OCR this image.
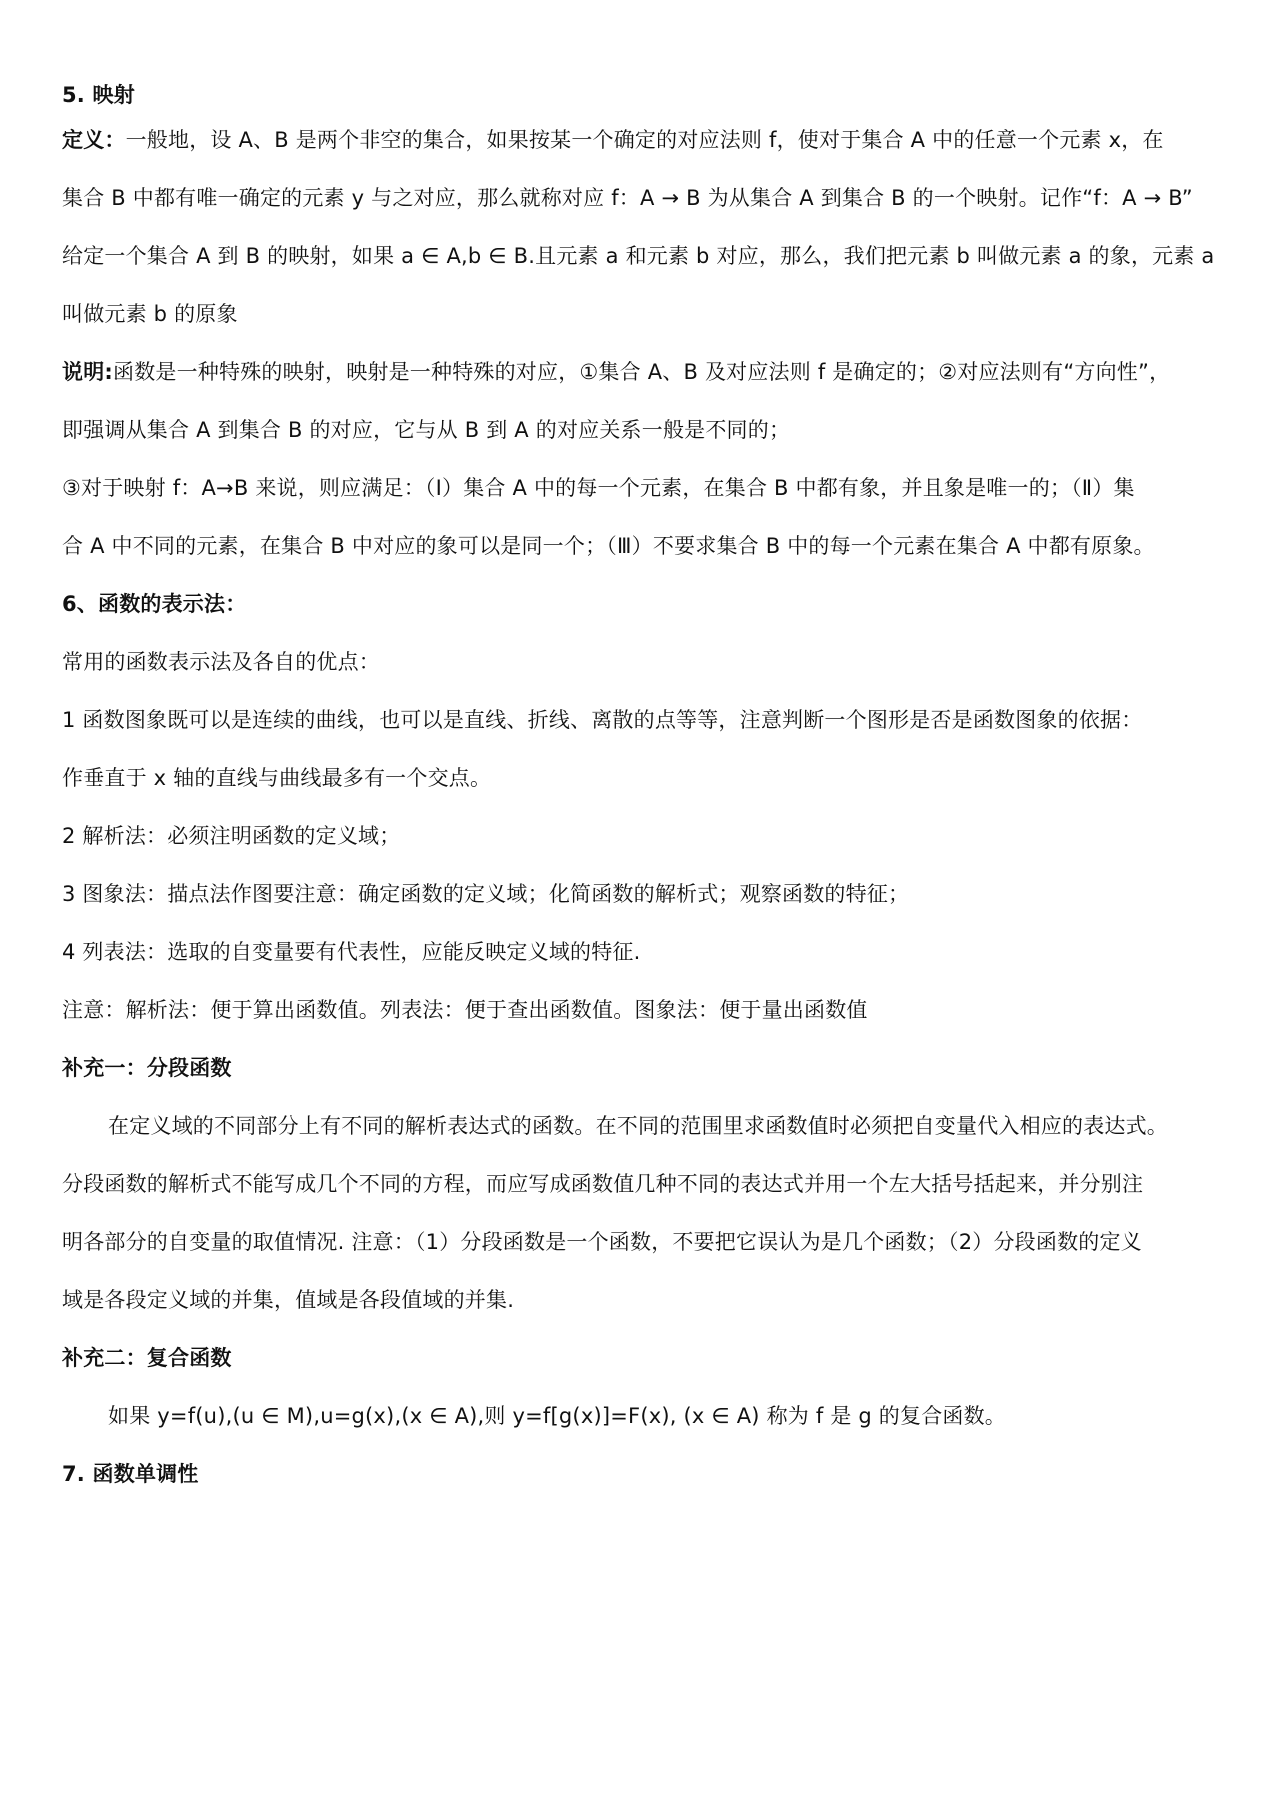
5. 映射
定义：一般地，设 A、B 是两个非空的集合，如果按某一个确定的对应法则 f，使对于集合 A 中的任意一个元素 x，在
集合 B 中都有唯一确定的元素 y 与之对应，那么就称对应 f：A → B 为从集合 A 到集合 B 的一个映射。记作“f：A → B”
给定一个集合 A 到 B 的映射，如果 a ∈ A,b ∈ B.且元素 a 和元素 b 对应，那么，我们把元素 b 叫做元素 a 的象，元素 a
叫做元素 b 的原象
说明:函数是一种特殊的映射，映射是一种特殊的对应，①集合 A、B 及对应法则 f 是确定的；②对应法则有“方向性”，
即强调从集合 A 到集合 B 的对应，它与从 B 到 A 的对应关系一般是不同的；
③对于映射 f：A→B 来说，则应满足：（Ⅰ）集合 A 中的每一个元素，在集合 B 中都有象，并且象是唯一的；（Ⅱ）集
合 A 中不同的元素，在集合 B 中对应的象可以是同一个；（Ⅲ）不要求集合 B 中的每一个元素在集合 A 中都有原象。
6、函数的表示法：
常用的函数表示法及各自的优点：
1 函数图象既可以是连续的曲线，也可以是直线、折线、离散的点等等，注意判断一个图形是否是函数图象的依据：
作垂直于 x 轴的直线与曲线最多有一个交点。
2 解析法：必须注明函数的定义域；
3 图象法：描点法作图要注意：确定函数的定义域；化简函数的解析式；观察函数的特征；
4 列表法：选取的自变量要有代表性，应能反映定义域的特征.
注意：解析法：便于算出函数值。列表法：便于查出函数值。图象法：便于量出函数值
补充一：分段函数
在定义域的不同部分上有不同的解析表达式的函数。在不同的范围里求函数值时必须把自变量代入相应的表达式。
分段函数的解析式不能写成几个不同的方程，而应写成函数值几种不同的表达式并用一个左大括号括起来，并分别注
明各部分的自变量的取值情况. 注意：（1）分段函数是一个函数，不要把它误认为是几个函数；（2）分段函数的定义
域是各段定义域的并集，值域是各段值域的并集.
补充二：复合函数
如果 y=f(u),(u ∈ M),u=g(x),(x ∈ A),则 y=f[g(x)]=F(x), (x ∈ A) 称为 f 是 g 的复合函数。
7. 函数单调性
